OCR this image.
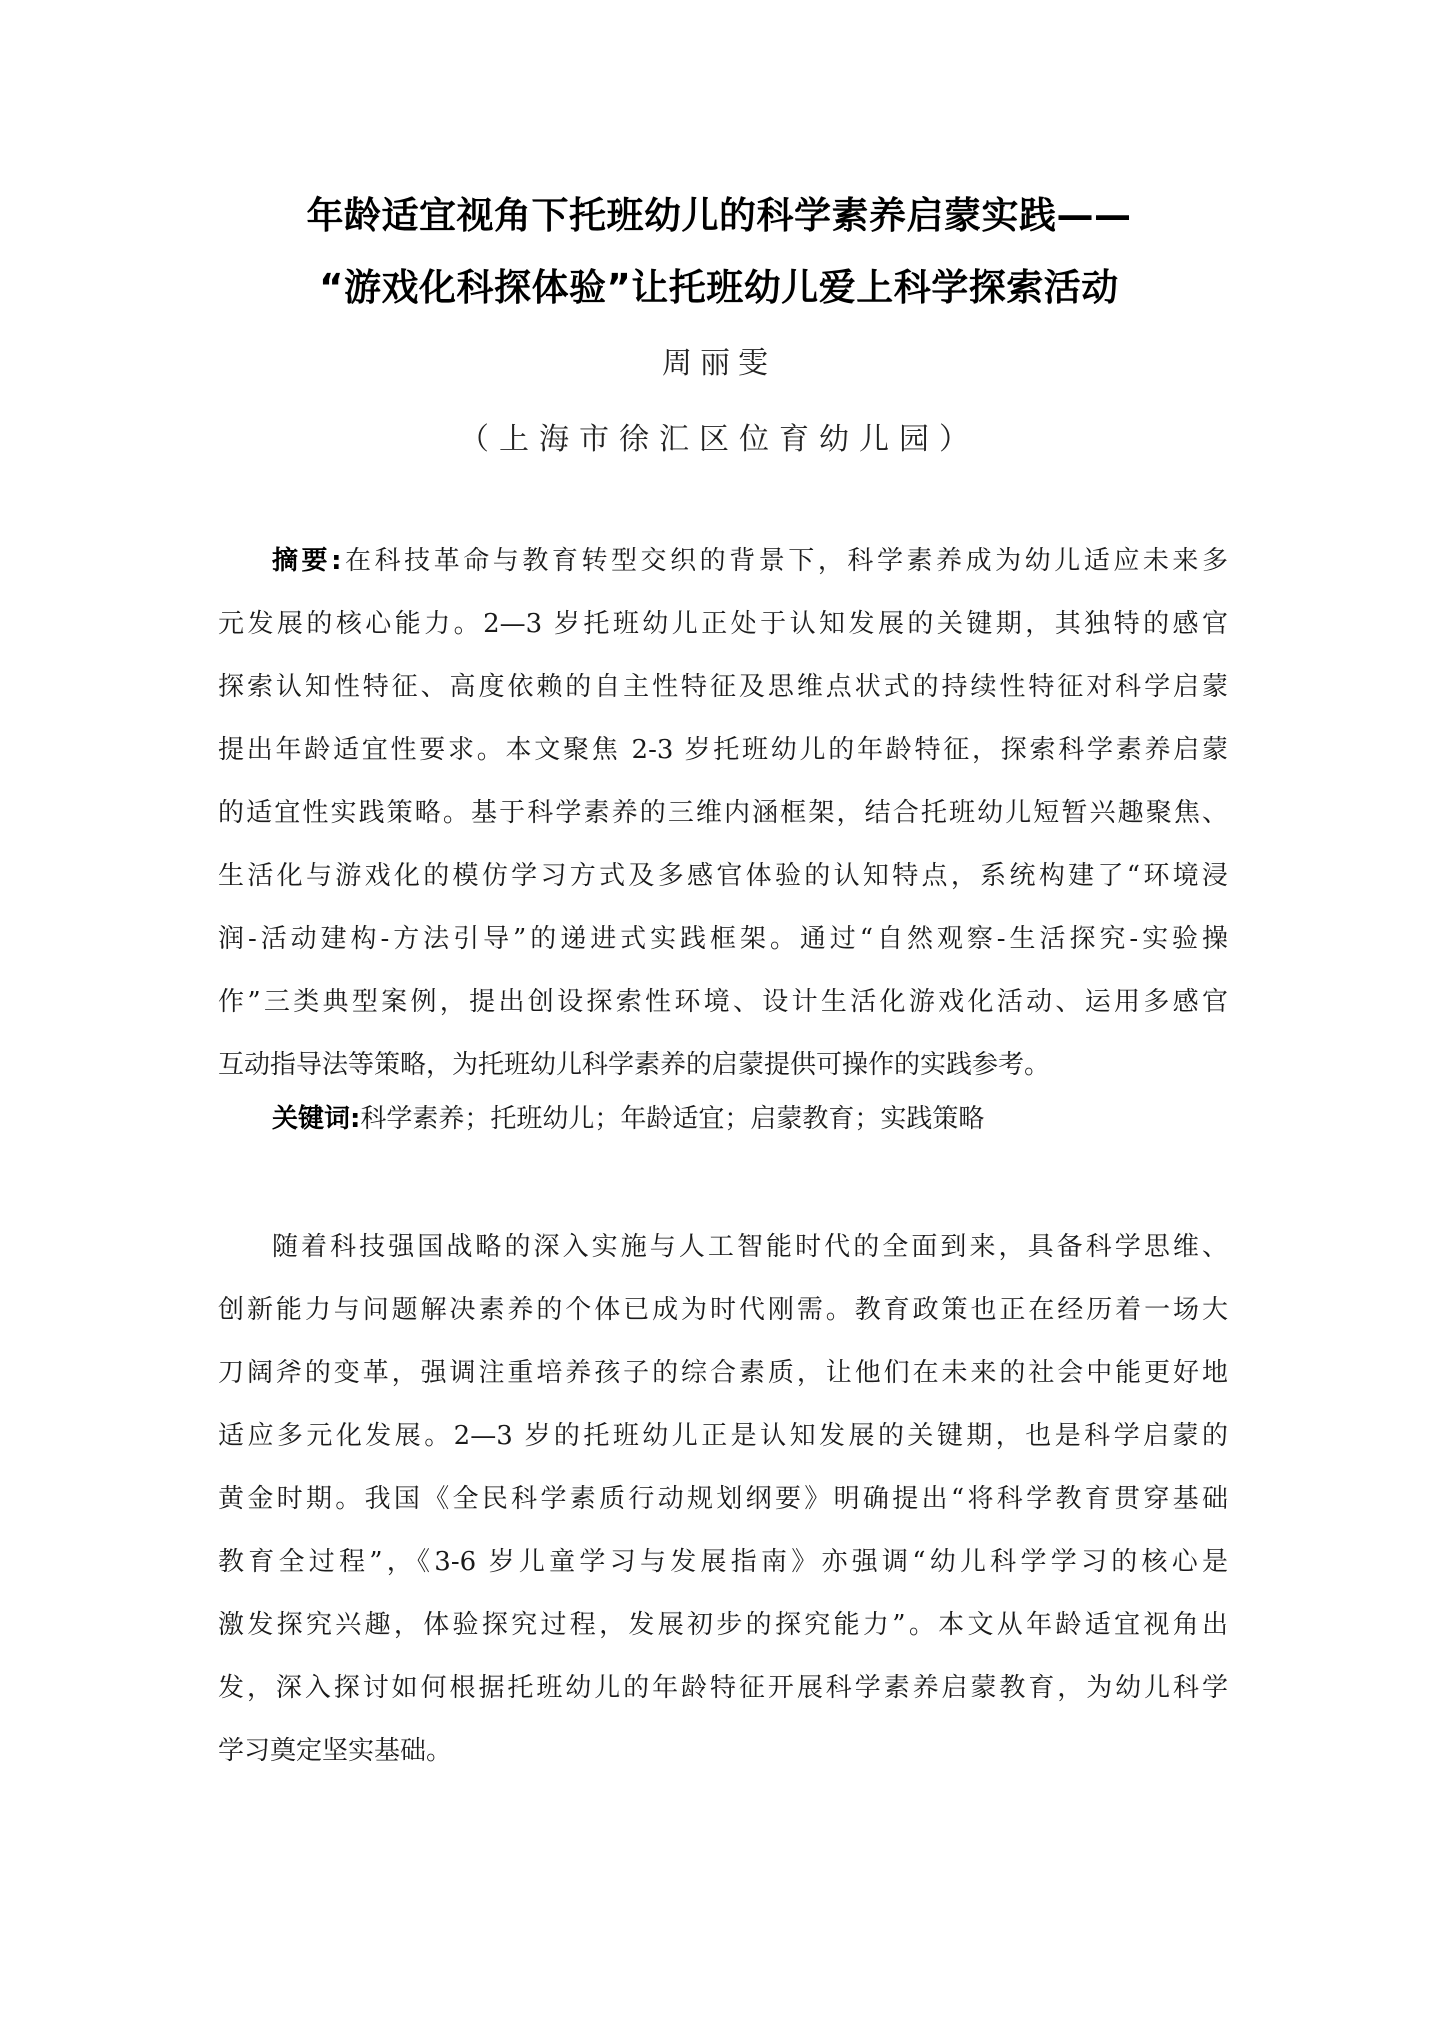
年龄适宜视角下托班幼儿的科学素养启蒙实践——
“游戏化科探体验”让托班幼儿爱上科学探索活动
周丽雯
（上海市徐汇区位育幼儿园）
摘要:在科技革命与教育转型交织的背景下，科学素养成为幼儿适应未来多
元发展的核心能力。2—3 岁托班幼儿正处于认知发展的关键期，其独特的感官
探索认知性特征、高度依赖的自主性特征及思维点状式的持续性特征对科学启蒙
提出年龄适宜性要求。本文聚焦 2-3 岁托班幼儿的年龄特征，探索科学素养启蒙
的适宜性实践策略。基于科学素养的三维内涵框架，结合托班幼儿短暂兴趣聚焦、
生活化与游戏化的模仿学习方式及多感官体验的认知特点，系统构建了“环境浸
润-活动建构-方法引导”的递进式实践框架。通过“自然观察-生活探究-实验操
作”三类典型案例，提出创设探索性环境、设计生活化游戏化活动、运用多感官
互动指导法等策略，为托班幼儿科学素养的启蒙提供可操作的实践参考。
关键词:科学素养；托班幼儿；年龄适宜；启蒙教育；实践策略
随着科技强国战略的深入实施与人工智能时代的全面到来，具备科学思维、
创新能力与问题解决素养的个体已成为时代刚需。教育政策也正在经历着一场大
刀阔斧的变革，强调注重培养孩子的综合素质，让他们在未来的社会中能更好地
适应多元化发展。2—3 岁的托班幼儿正是认知发展的关键期，也是科学启蒙的
黄金时期。我国《全民科学素质行动规划纲要》明确提出“将科学教育贯穿基础
教育全过程”，《3-6 岁儿童学习与发展指南》亦强调“幼儿科学学习的核心是
激发探究兴趣，体验探究过程，发展初步的探究能力”。本文从年龄适宜视角出
发，深入探讨如何根据托班幼儿的年龄特征开展科学素养启蒙教育，为幼儿科学
学习奠定坚实基础。
